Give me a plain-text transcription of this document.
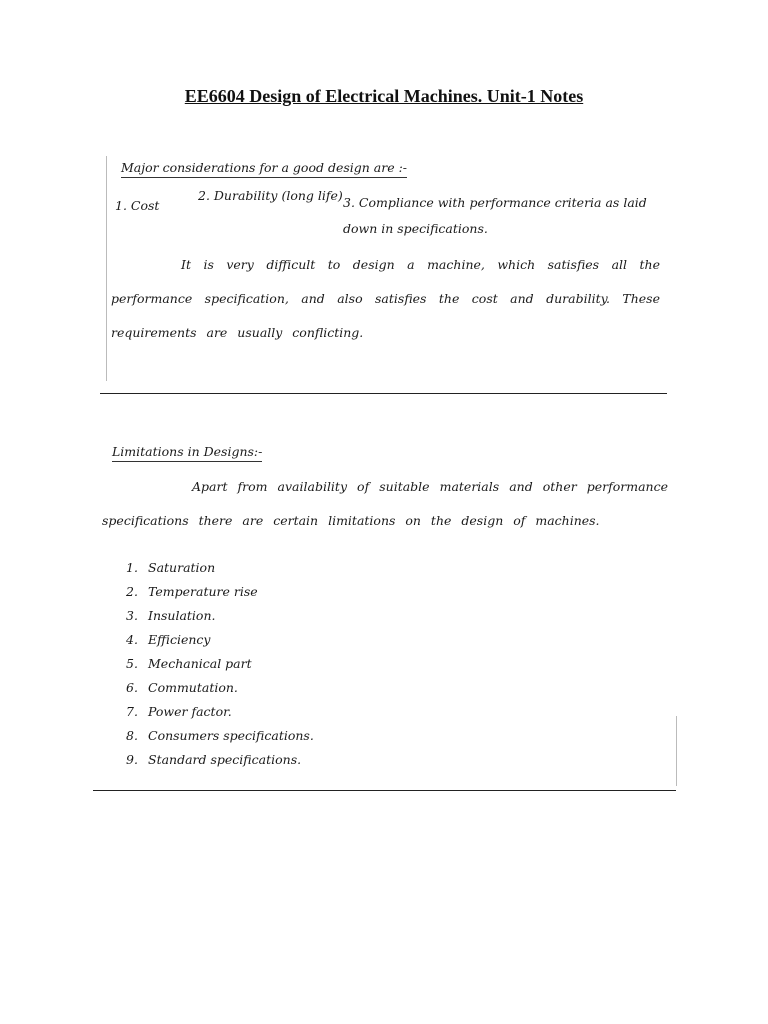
EE6604 Design of Electrical Machines. Unit-1 Notes
Major considerations for a good design are :-
1. Cost
2. Durability (long life) 3. Compliance with performance criteria as laid down in specifications.
It is very difficult to design a machine, which satisfies all the performance specification, and also satisfies the cost and durability. These requirements are usually conflicting.
Limitations in Designs:-
Apart from availability of suitable materials and other performance specifications there are certain limitations on the design of machines.
1. Saturation
2. Temperature rise
3. Insulation.
4. Efficiency
5. Mechanical part
6. Commutation.
7. Power factor.
8. Consumers specifications.
9. Standard specifications.
